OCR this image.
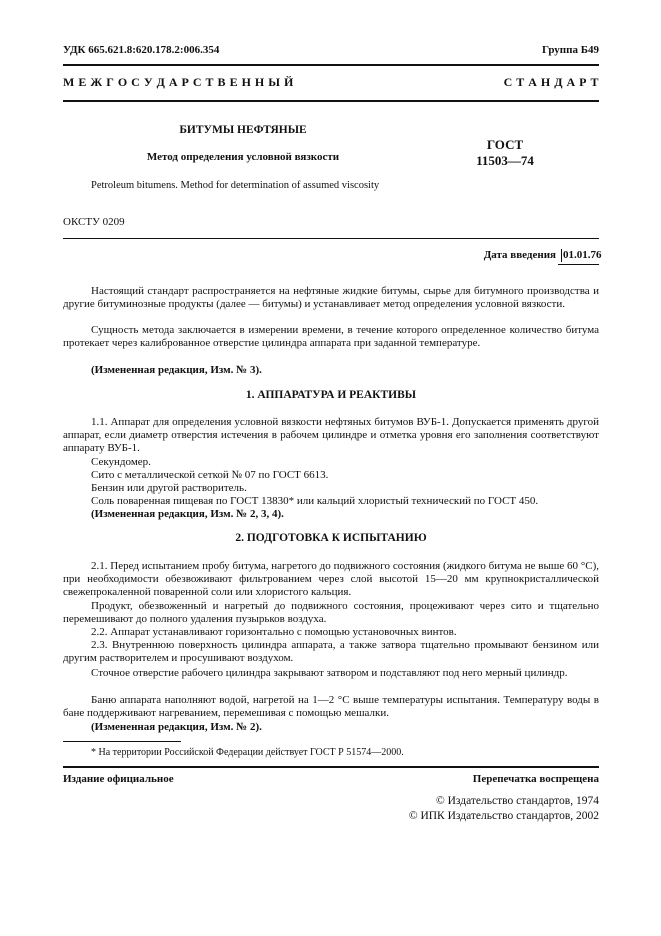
УДК 665.621.8:620.178.2:006.354	Группа Б49
М Е Ж Г О С У Д А Р С Т В Е Н Н Ы Й	С Т А Н Д А Р Т
БИТУМЫ НЕФТЯНЫЕ
Метод определения условной вязкости
Petroleum bitumens. Method for determination of assumed viscosity
ГОСТ
11503—74
ОКСТУ 0209
Дата введения 01.01.76
Настоящий стандарт распространяется на нефтяные жидкие битумы, сырье для битумного производства и другие битуминозные продукты (далее — битумы) и устанавливает метод определения условной вязкости.
Сущность метода заключается в измерении времени, в течение которого определенное количество битума протекает через калиброванное отверстие цилиндра аппарата при заданной температуре.
(Измененная редакция, Изм. № 3).
1. АППАРАТУРА И РЕАКТИВЫ
1.1. Аппарат для определения условной вязкости нефтяных битумов ВУБ-1. Допускается применять другой аппарат, если диаметр отверстия истечения в рабочем цилиндре и отметка уровня его заполнения соответствуют аппарату ВУБ-1.
Секундомер.
Сито с металлической сеткой № 07 по ГОСТ 6613.
Бензин или другой растворитель.
Соль поваренная пищевая по ГОСТ 13830* или кальций хлористый технический по ГОСТ 450.
(Измененная редакция, Изм. № 2, 3, 4).
2. ПОДГОТОВКА К ИСПЫТАНИЮ
2.1. Перед испытанием пробу битума, нагретого до подвижного состояния (жидкого битума не выше 60 °С), при необходимости обезвоживают фильтрованием через слой высотой 15—20 мм крупнокристаллической свежепрокаленной поваренной соли или хлористого кальция.
Продукт, обезвоженный и нагретый до подвижного состояния, процеживают через сито и тщательно перемешивают до полного удаления пузырьков воздуха.
2.2. Аппарат устанавливают горизонтально с помощью установочных винтов.
2.3. Внутреннюю поверхность цилиндра аппарата, а также затвора тщательно промывают бензином или другим растворителем и просушивают воздухом.
Сточное отверстие рабочего цилиндра закрывают затвором и подставляют под него мерный цилиндр.
Баню аппарата наполняют водой, нагретой на 1—2 °С выше температуры испытания. Температуру воды в бане поддерживают нагреванием, перемешивая с помощью мешалки.
(Измененная редакция, Изм. № 2).
* На территории Российской Федерации действует ГОСТ Р 51574—2000.
Издание официальное	Перепечатка воспрещена
© Издательство стандартов, 1974
© ИПК Издательство стандартов, 2002
